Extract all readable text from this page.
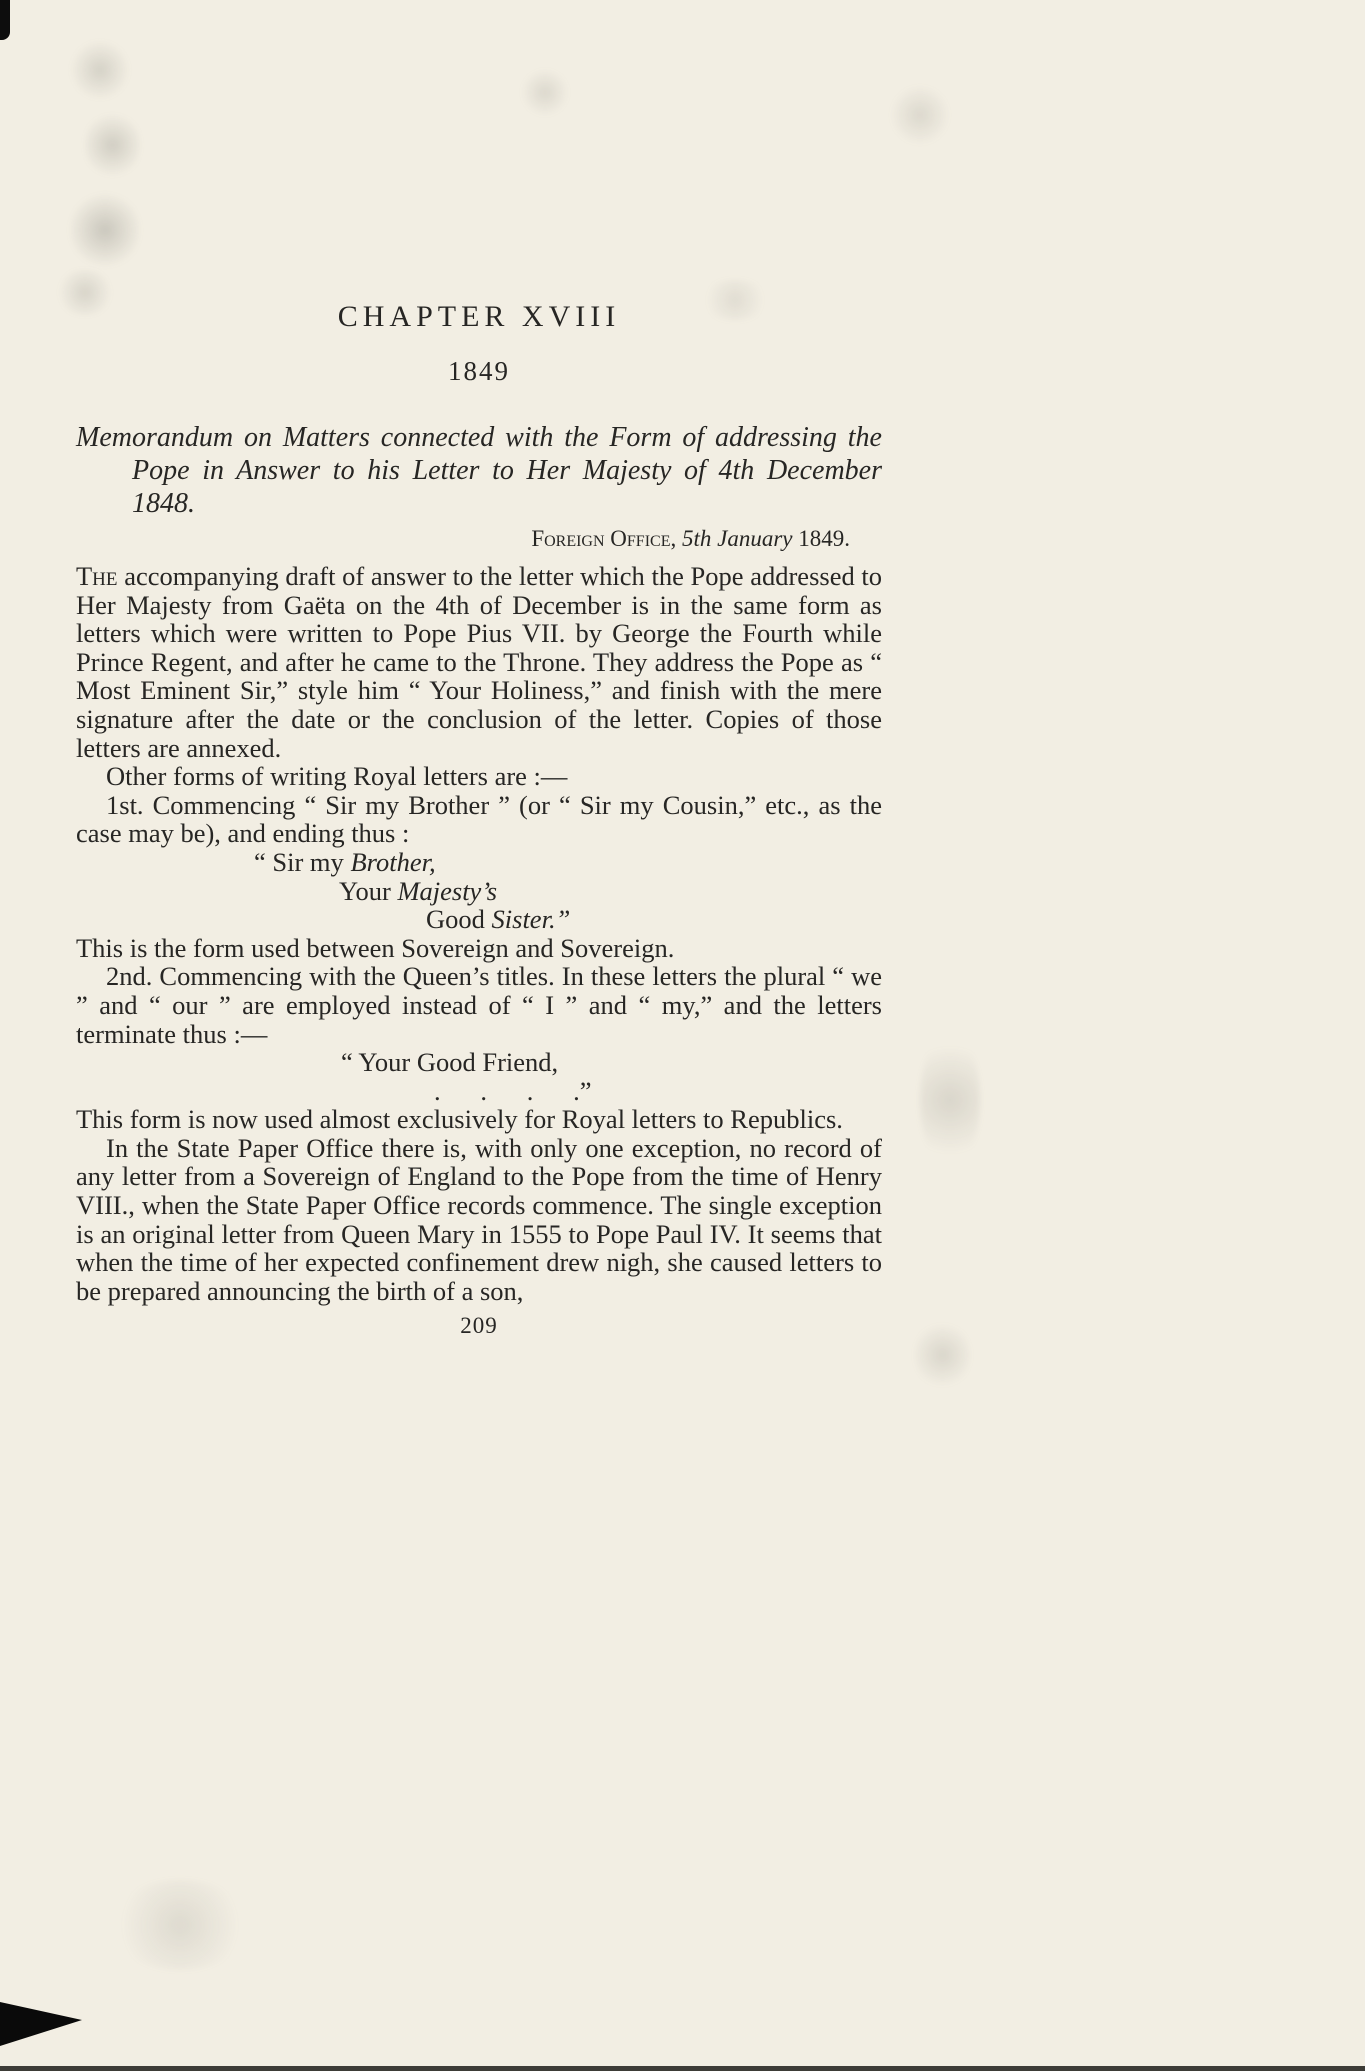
CHAPTER XVIII
1849
Memorandum on Matters connected with the Form of addressing the Pope in Answer to his Letter to Her Majesty of 4th December 1848.
Foreign Office, 5th January 1849.

The accompanying draft of answer to the letter which the Pope addressed to Her Majesty from Gaëta on the 4th of December is in the same form as letters which were written to Pope Pius VII. by George the Fourth while Prince Regent, and after he came to the Throne. They address the Pope as “ Most Eminent Sir,” style him “ Your Holiness,” and finish with the mere signature after the date or the conclusion of the letter. Copies of those letters are annexed.

Other forms of writing Royal letters are :—

1st. Commencing “ Sir my Brother ” (or “ Sir my Cousin,” etc., as the case may be), and ending thus :

“ Sir my Brother,
Your Majesty’s
Good Sister.”

This is the form used between Sovereign and Sovereign.

2nd. Commencing with the Queen’s titles. In these letters the plural “ we ” and “ our ” are employed instead of “ I ” and “ my,” and the letters terminate thus :—

“ Your Good Friend,
.      .      .      .”

This form is now used almost exclusively for Royal letters to Republics.

In the State Paper Office there is, with only one exception, no record of any letter from a Sovereign of England to the Pope from the time of Henry VIII., when the State Paper Office records commence. The single exception is an original letter from Queen Mary in 1555 to Pope Paul IV. It seems that when the time of her expected confinement drew nigh, she caused letters to be prepared announcing the birth of a son,

209
